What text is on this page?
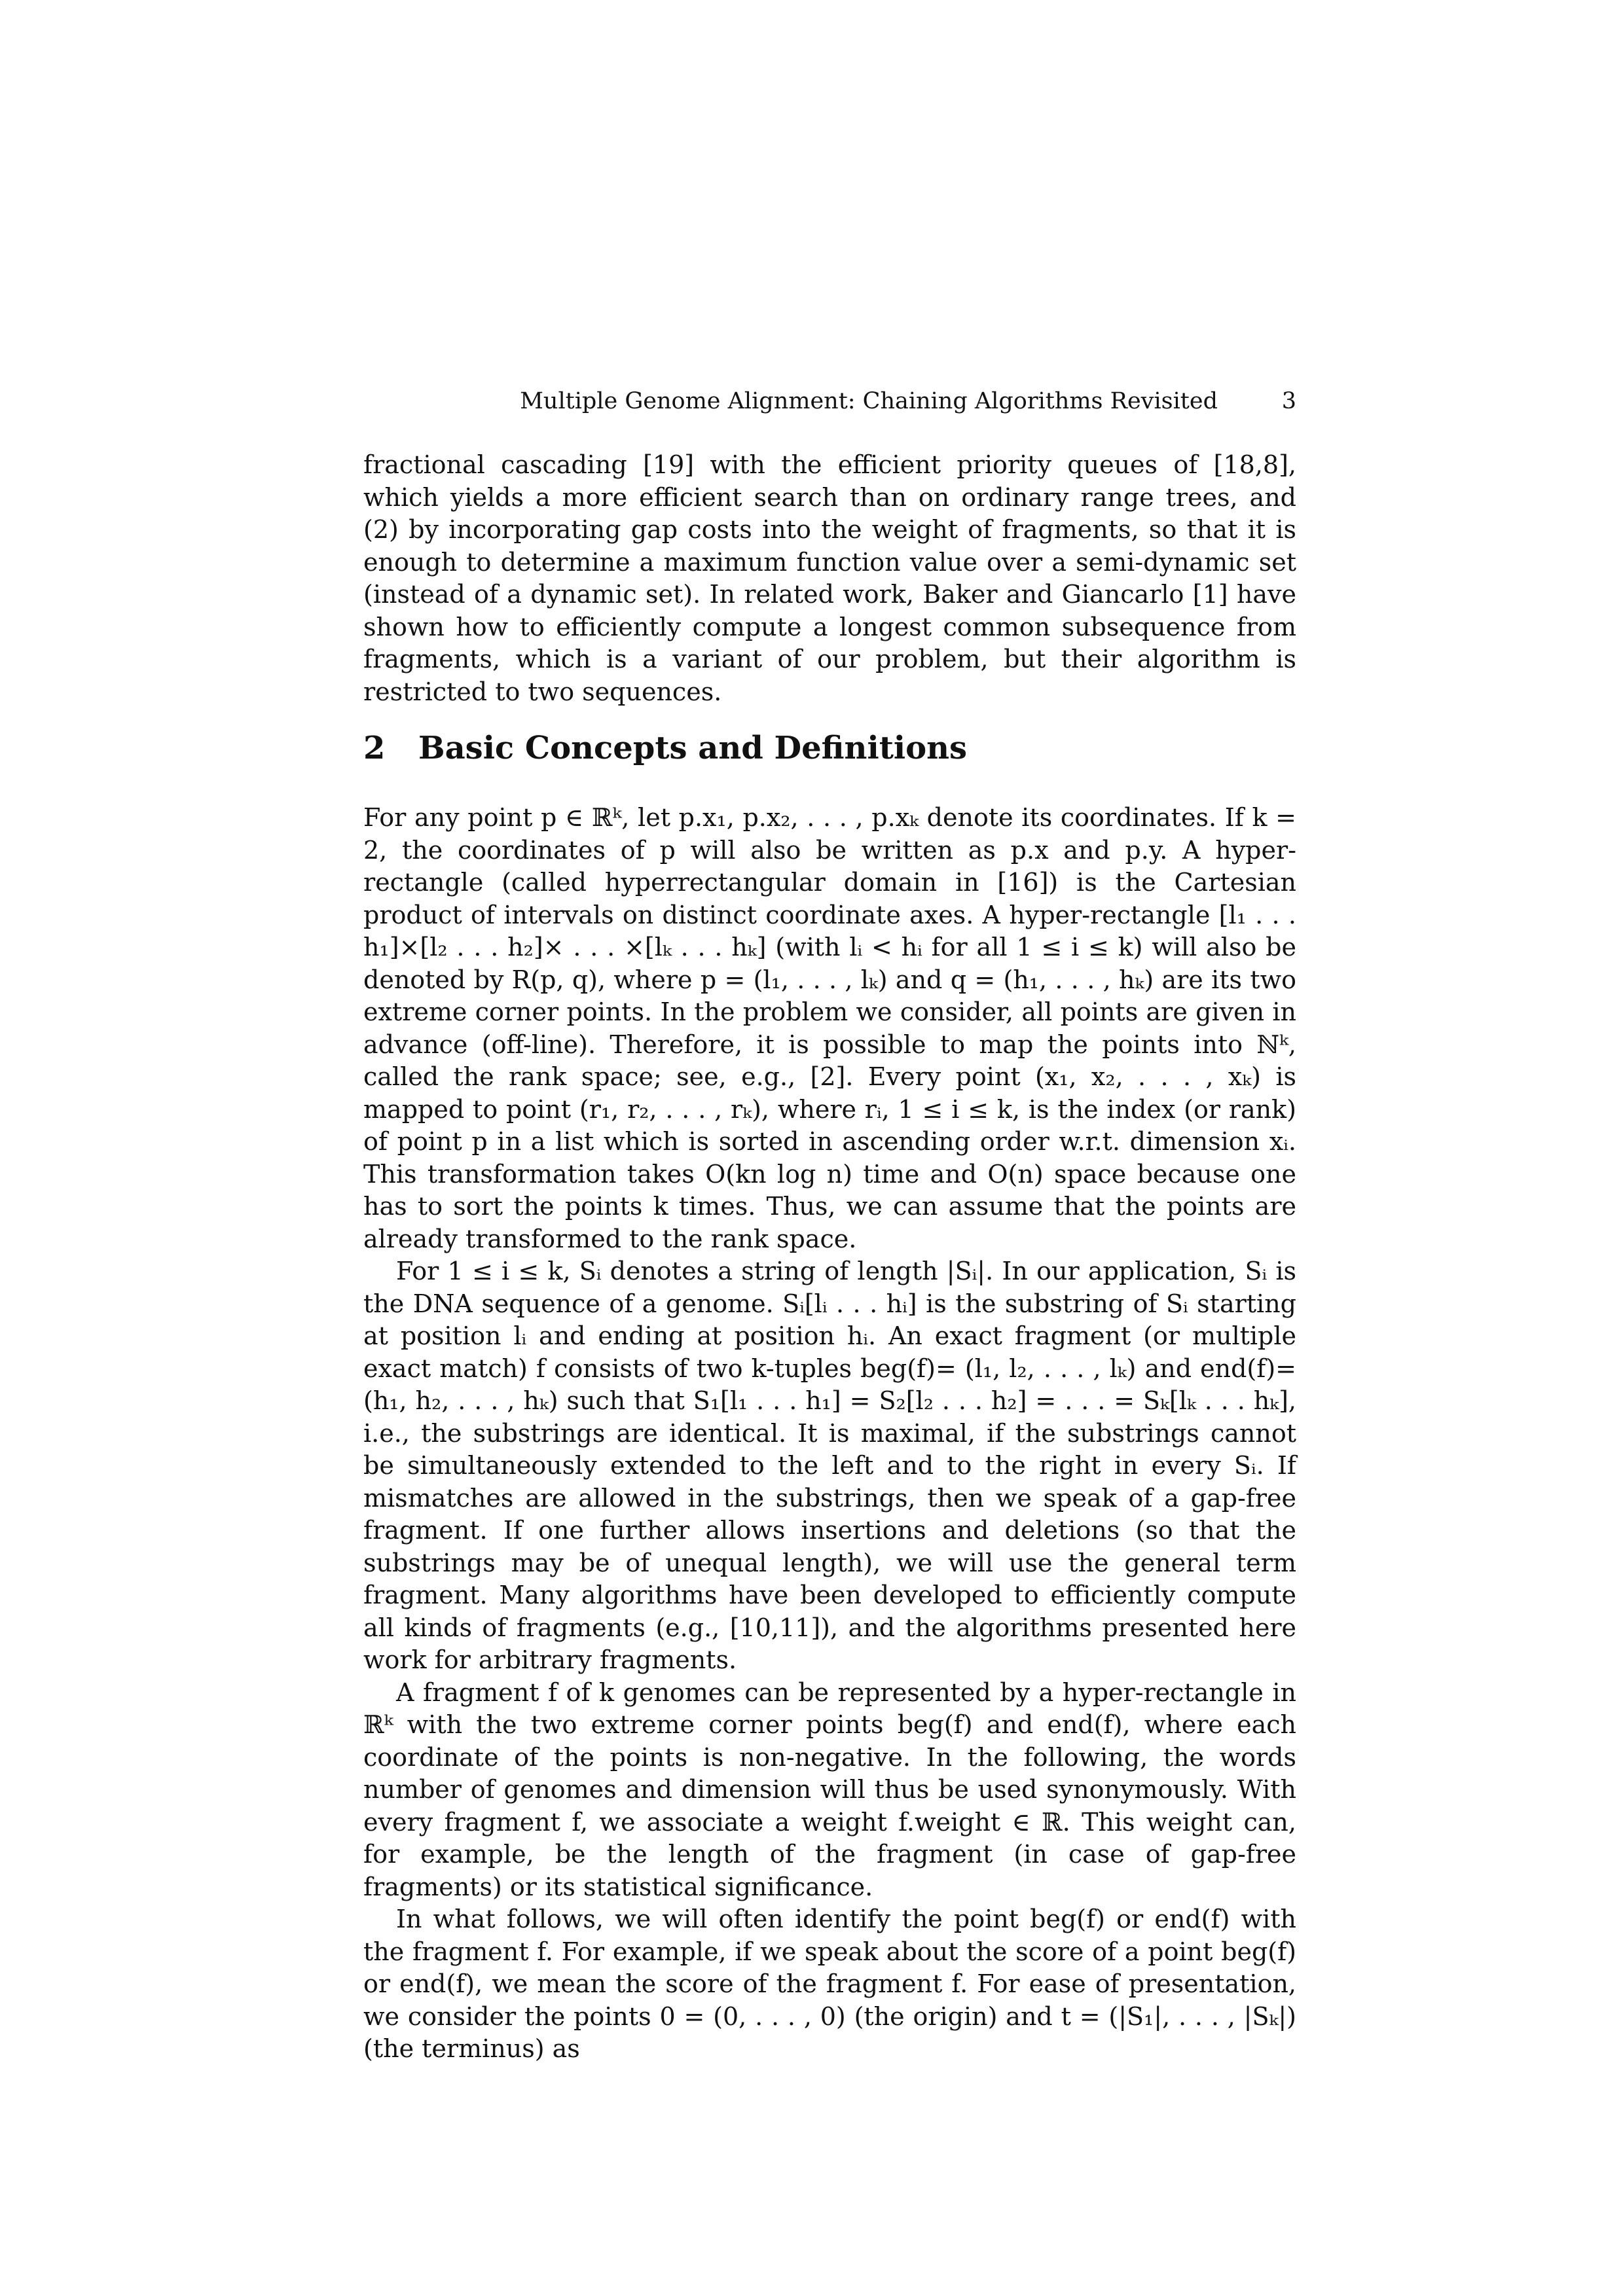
Multiple Genome Alignment: Chaining Algorithms Revisited	3
fractional cascading [19] with the efficient priority queues of [18,8], which yields a more efficient search than on ordinary range trees, and (2) by incorporating gap costs into the weight of fragments, so that it is enough to determine a maximum function value over a semi-dynamic set (instead of a dynamic set). In related work, Baker and Giancarlo [1] have shown how to efficiently compute a longest common subsequence from fragments, which is a variant of our problem, but their algorithm is restricted to two sequences.
2 Basic Concepts and Definitions

For any point p ∈ ℝᵏ, let p.x₁, p.x₂, . . . , p.xₖ denote its coordinates. If k = 2, the coordinates of p will also be written as p.x and p.y. A hyper-rectangle (called hyperrectangular domain in [16]) is the Cartesian product of intervals on distinct coordinate axes. A hyper-rectangle [l₁ . . . h₁]×[l₂ . . . h₂]× . . . ×[lₖ . . . hₖ] (with lᵢ < hᵢ for all 1 ≤ i ≤ k) will also be denoted by R(p, q), where p = (l₁, . . . , lₖ) and q = (h₁, . . . , hₖ) are its two extreme corner points. In the problem we consider, all points are given in advance (off-line). Therefore, it is possible to map the points into ℕᵏ, called the rank space; see, e.g., [2]. Every point (x₁, x₂, . . . , xₖ) is mapped to point (r₁, r₂, . . . , rₖ), where rᵢ, 1 ≤ i ≤ k, is the index (or rank) of point p in a list which is sorted in ascending order w.r.t. dimension xᵢ. This transformation takes O(kn log n) time and O(n) space because one has to sort the points k times. Thus, we can assume that the points are already transformed to the rank space.

For 1 ≤ i ≤ k, Sᵢ denotes a string of length |Sᵢ|. In our application, Sᵢ is the DNA sequence of a genome. Sᵢ[lᵢ . . . hᵢ] is the substring of Sᵢ starting at position lᵢ and ending at position hᵢ. An exact fragment (or multiple exact match) f consists of two k-tuples beg(f)= (l₁, l₂, . . . , lₖ) and end(f)= (h₁, h₂, . . . , hₖ) such that S₁[l₁ . . . h₁] = S₂[l₂ . . . h₂] = . . . = Sₖ[lₖ . . . hₖ], i.e., the substrings are identical. It is maximal, if the substrings cannot be simultaneously extended to the left and to the right in every Sᵢ. If mismatches are allowed in the substrings, then we speak of a gap-free fragment. If one further allows insertions and deletions (so that the substrings may be of unequal length), we will use the general term fragment. Many algorithms have been developed to efficiently compute all kinds of fragments (e.g., [10,11]), and the algorithms presented here work for arbitrary fragments.

A fragment f of k genomes can be represented by a hyper-rectangle in ℝᵏ with the two extreme corner points beg(f) and end(f), where each coordinate of the points is non-negative. In the following, the words number of genomes and dimension will thus be used synonymously. With every fragment f, we associate a weight f.weight ∈ ℝ. This weight can, for example, be the length of the fragment (in case of gap-free fragments) or its statistical significance.

In what follows, we will often identify the point beg(f) or end(f) with the fragment f. For example, if we speak about the score of a point beg(f) or end(f), we mean the score of the fragment f. For ease of presentation, we consider the points 0 = (0, . . . , 0) (the origin) and t = (|S₁|, . . . , |Sₖ|) (the terminus) as
